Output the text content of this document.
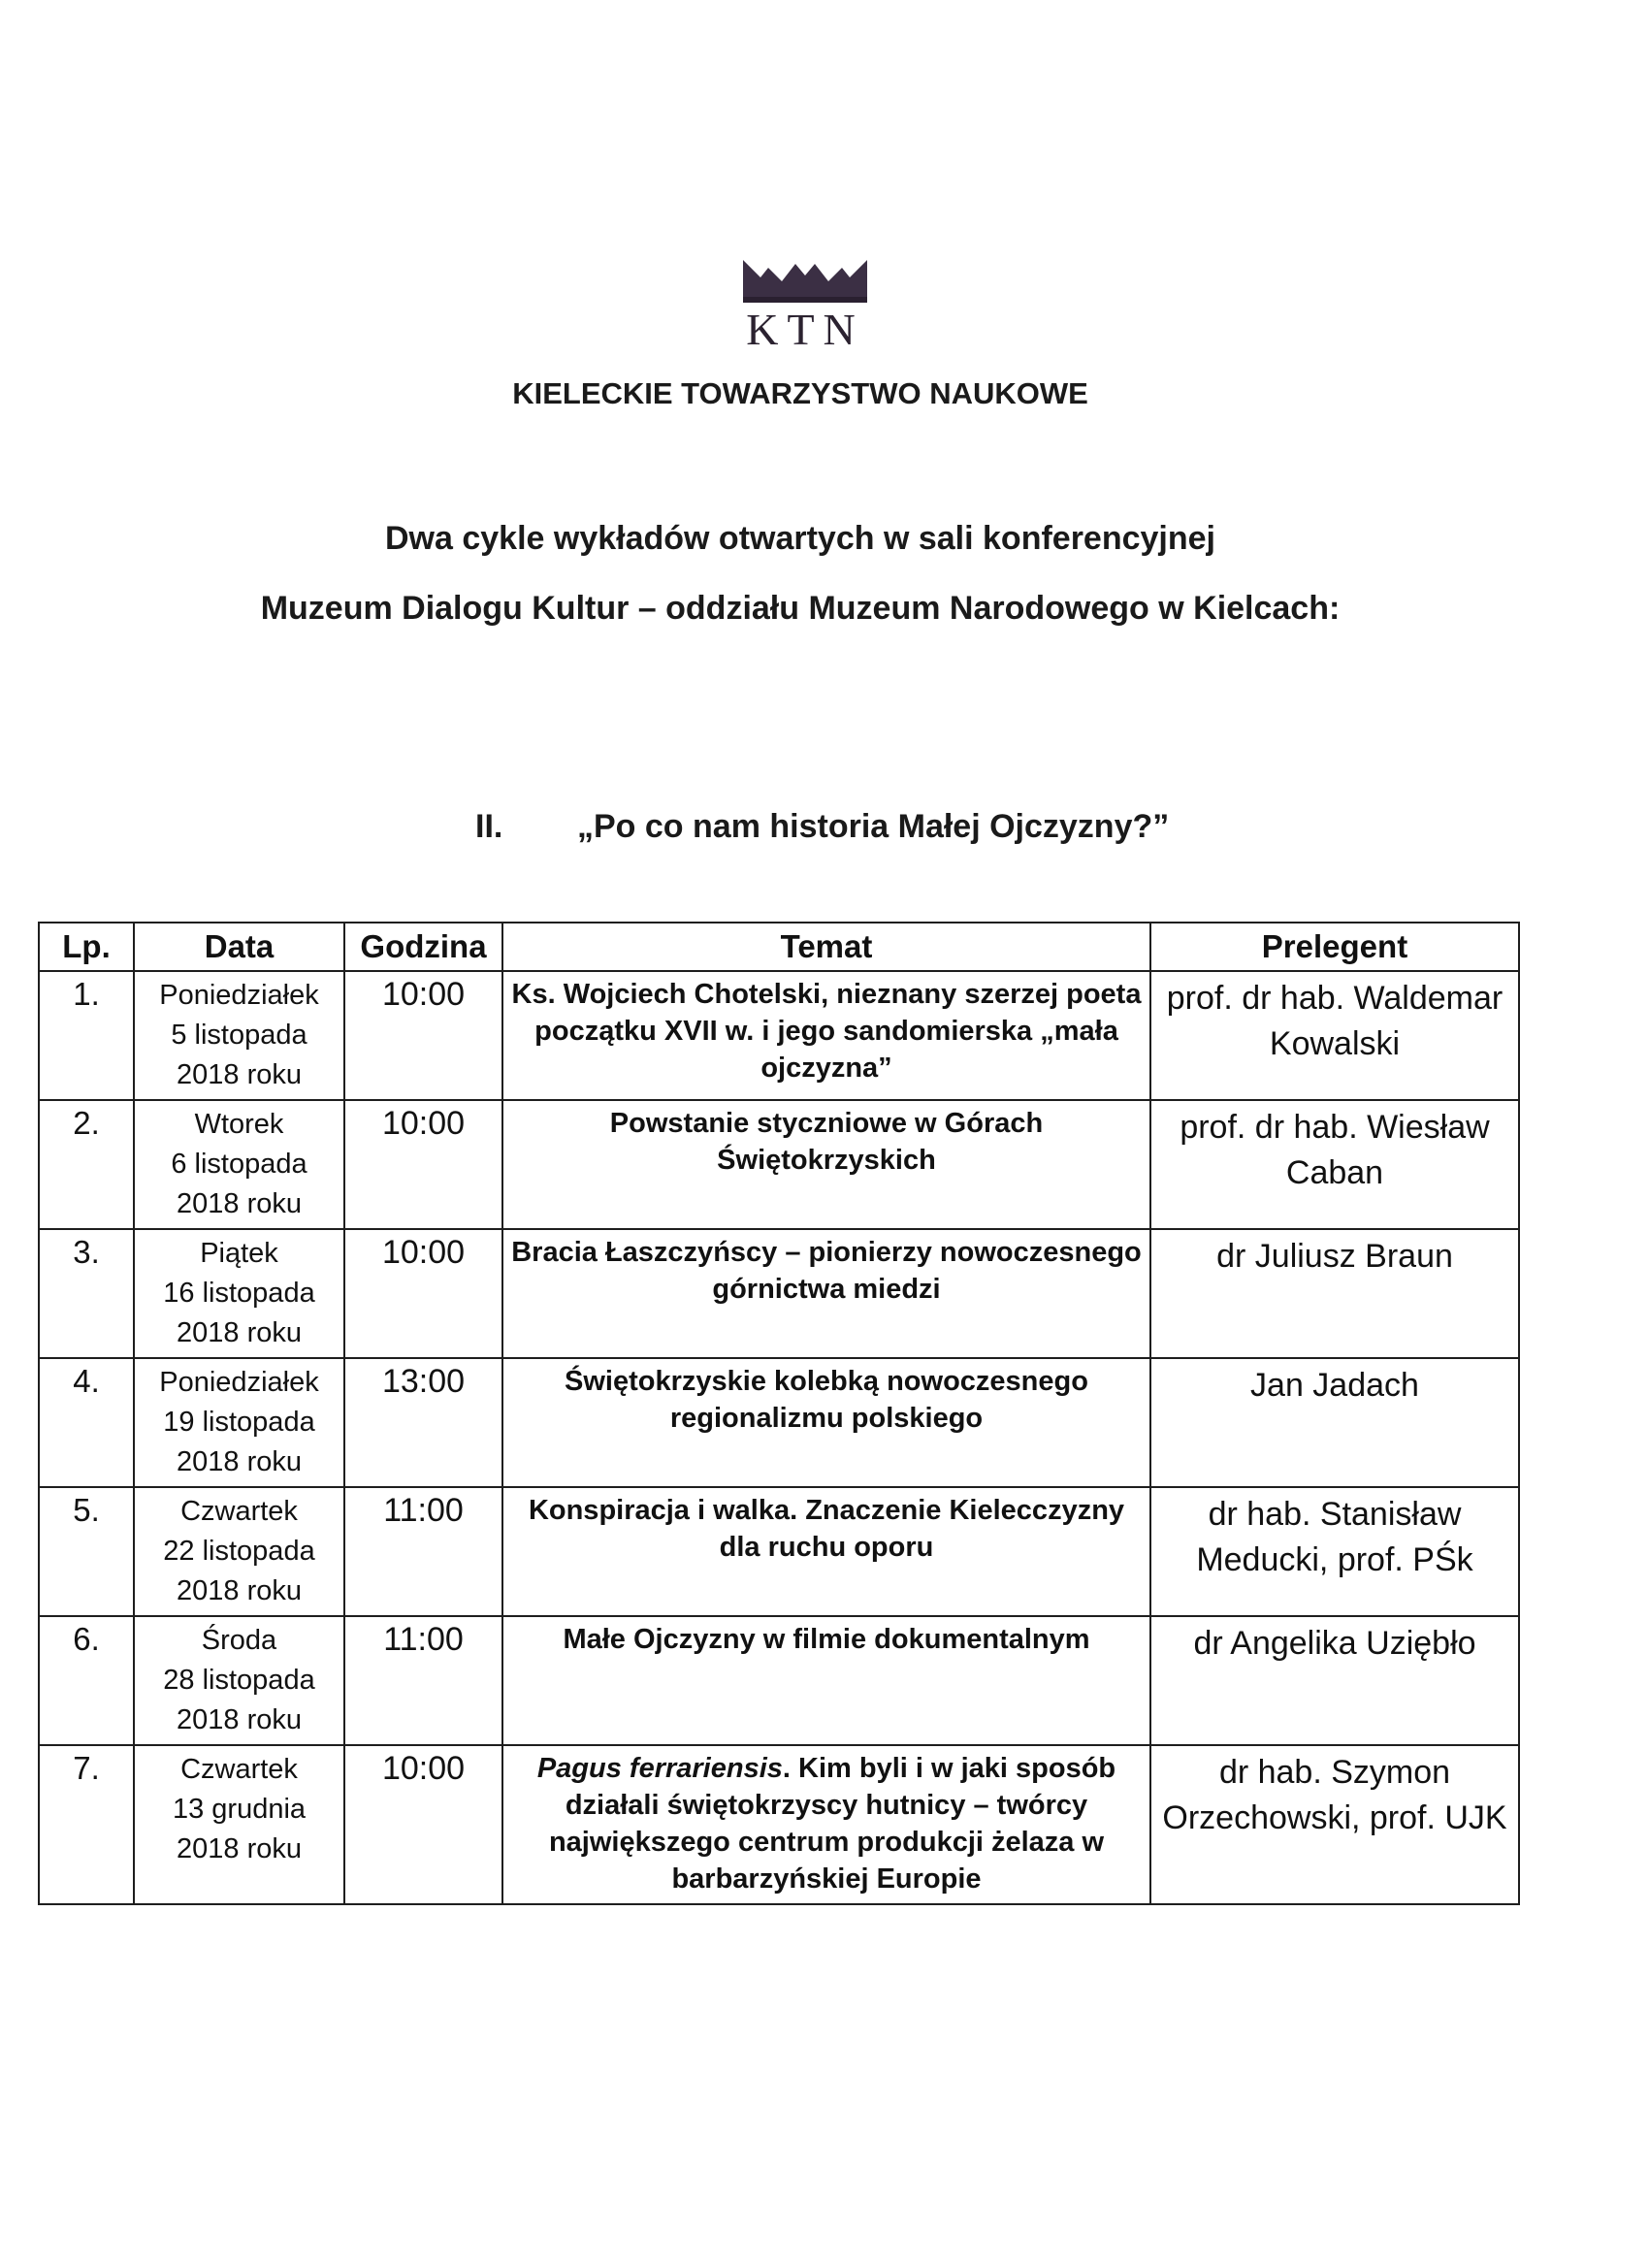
KTN
KIELECKIE TOWARZYSTWO NAUKOWE
Dwa cykle wykładów otwartych w sali konferencyjnej
Muzeum Dialogu Kultur – oddziału Muzeum Narodowego w Kielcach:
II. „Po co nam historia Małej Ojczyzny?”
Lp.	Data	Godzina	Temat	Prelegent
1.	Poniedziałek
5 listopada
2018 roku	10:00	Ks. Wojciech Chotelski, nieznany szerzej poeta początku XVII w. i jego sandomierska „mała ojczyzna”	prof. dr hab. Waldemar Kowalski
2.	Wtorek
6 listopada
2018 roku	10:00	Powstanie styczniowe w Górach Świętokrzyskich	prof. dr hab. Wiesław Caban
3.	Piątek
16 listopada
2018 roku	10:00	Bracia Łaszczyńscy – pionierzy nowoczesnego górnictwa miedzi	dr Juliusz Braun
4.	Poniedziałek
19 listopada
2018 roku	13:00	Świętokrzyskie kolebką nowoczesnego regionalizmu polskiego	Jan Jadach
5.	Czwartek
22 listopada
2018 roku	11:00	Konspiracja i walka. Znaczenie Kielecczyzny dla ruchu oporu	dr hab. Stanisław Meducki, prof. PŚk
6.	Środa
28 listopada
2018 roku	11:00	Małe Ojczyzny w filmie dokumentalnym	dr Angelika Uziębło
7.	Czwartek
13 grudnia
2018 roku	10:00	Pagus ferrariensis. Kim byli i w jaki sposób działali świętokrzyscy hutnicy – twórcy największego centrum produkcji żelaza w barbarzyńskiej Europie	dr hab. Szymon Orzechowski, prof. UJK
